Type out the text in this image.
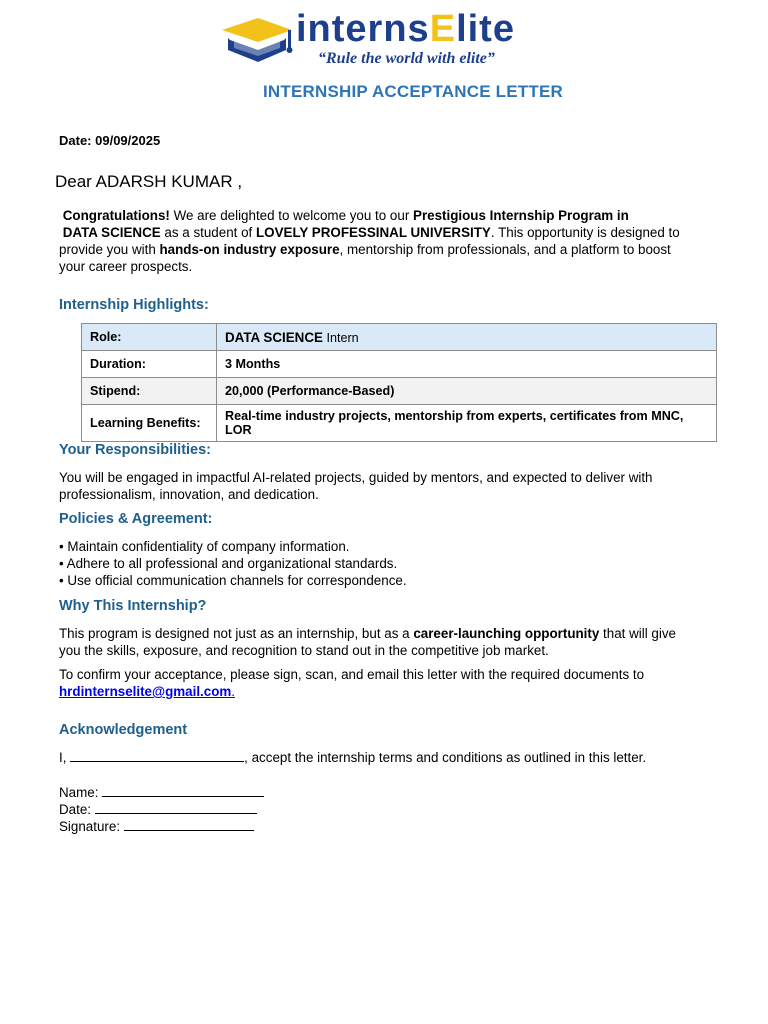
internsElite
“Rule the world with elite”
INTERNSHIP ACCEPTANCE LETTER
Date: 09/09/2025
Dear ADARSH KUMAR ,
Congratulations! We are delighted to welcome you to our Prestigious Internship Program in
DATA SCIENCE as a student of LOVELY PROFESSINAL UNIVERSITY. This opportunity is designed to provide you with hands-on industry exposure, mentorship from professionals, and a platform to boost your career prospects.
Internship Highlights:
Role:	DATA SCIENCE Intern
Duration:	3 Months
Stipend:	20,000 (Performance-Based)
Learning Benefits:	Real-time industry projects, mentorship from experts, certificates from MNC, LOR
Your Responsibilities:
You will be engaged in impactful AI-related projects, guided by mentors, and expected to deliver with professionalism, innovation, and dedication.
Policies & Agreement:
• Maintain confidentiality of company information.
• Adhere to all professional and organizational standards.
• Use official communication channels for correspondence.
Why This Internship?
This program is designed not just as an internship, but as a career-launching opportunity that will give you the skills, exposure, and recognition to stand out in the competitive job market.
To confirm your acceptance, please sign, scan, and email this letter with the required documents to
hrdinternselite@gmail.com.
Acknowledgement
I,	, accept the internship terms and conditions as outlined in this letter.
Name:
Date:
Signature:
